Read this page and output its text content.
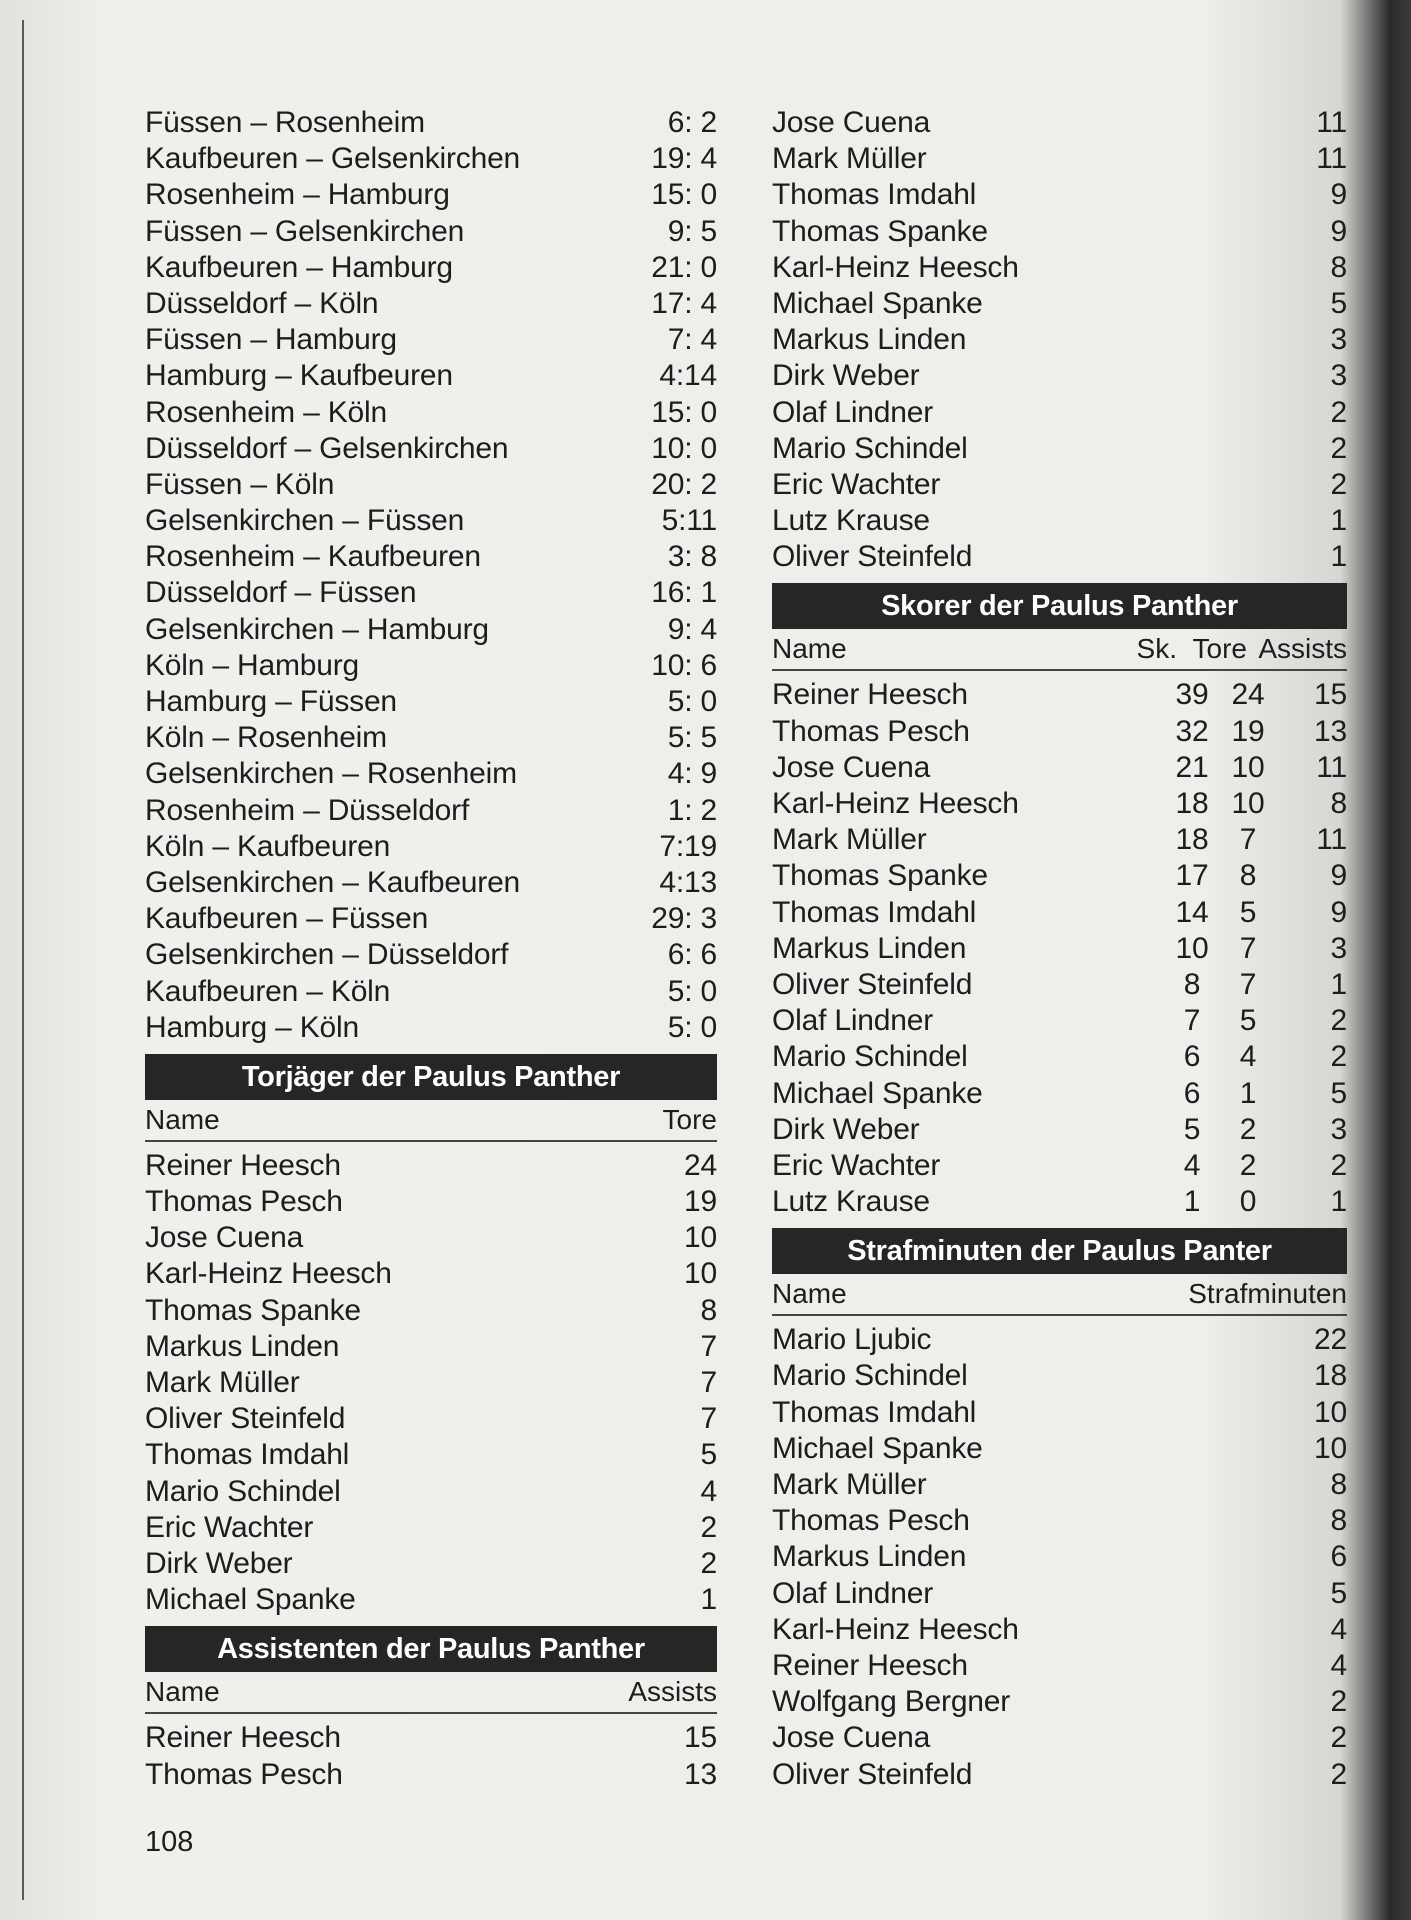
Füssen – Rosenheim	6: 2
Kaufbeuren – Gelsenkirchen	19: 4
Rosenheim – Hamburg	15: 0
Füssen – Gelsenkirchen	9: 5
Kaufbeuren – Hamburg	21: 0
Düsseldorf – Köln	17: 4
Füssen – Hamburg	7: 4
Hamburg – Kaufbeuren	4:14
Rosenheim – Köln	15: 0
Düsseldorf – Gelsenkirchen	10: 0
Füssen – Köln	20: 2
Gelsenkirchen – Füssen	5:11
Rosenheim – Kaufbeuren	3: 8
Düsseldorf – Füssen	16: 1
Gelsenkirchen – Hamburg	9: 4
Köln – Hamburg	10: 6
Hamburg – Füssen	5: 0
Köln – Rosenheim	5: 5
Gelsenkirchen – Rosenheim	4: 9
Rosenheim – Düsseldorf	1: 2
Köln – Kaufbeuren	7:19
Gelsenkirchen – Kaufbeuren	4:13
Kaufbeuren – Füssen	29: 3
Gelsenkirchen – Düsseldorf	6: 6
Kaufbeuren – Köln	5: 0
Hamburg – Köln	5: 0
Torjäger der Paulus Panther
Name	Tore
Reiner Heesch	24
Thomas Pesch	19
Jose Cuena	10
Karl-Heinz Heesch	10
Thomas Spanke	8
Markus Linden	7
Mark Müller	7
Oliver Steinfeld	7
Thomas Imdahl	5
Mario Schindel	4
Eric Wachter	2
Dirk Weber	2
Michael Spanke	1
Assistenten der Paulus Panther
Name	Assists
Reiner Heesch	15
Thomas Pesch	13
Jose Cuena	11
Mark Müller	11
Thomas Imdahl	9
Thomas Spanke	9
Karl-Heinz Heesch	8
Michael Spanke	5
Markus Linden	3
Dirk Weber	3
Olaf Lindner	2
Mario Schindel	2
Eric Wachter	2
Lutz Krause	1
Oliver Steinfeld	1
Skorer der Paulus Panther
Name	Sk. Tore Assists
Reiner Heesch	39 24	15
Thomas Pesch	32 19	13
Jose Cuena	21 10	11
Karl-Heinz Heesch	18 10	8
Mark Müller	18	7	11
Thomas Spanke	17	8	9
Thomas Imdahl	14	5	9
Markus Linden	10	7	3
Oliver Steinfeld	8	7	1
Olaf Lindner	7	5	2
Mario Schindel	6	4	2
Michael Spanke	6	1	5
Dirk Weber	5	2	3
Eric Wachter	4	2	2
Lutz Krause	1	0	1
Strafminuten der Paulus Panter
Name	Strafminuten
Mario Ljubic	22
Mario Schindel	18
Thomas Imdahl	10
Michael Spanke	10
Mark Müller	8
Thomas Pesch	8
Markus Linden	6
Olaf Lindner	5
Karl-Heinz Heesch	4
Reiner Heesch	4
Wolfgang Bergner	2
Jose Cuena	2
Oliver Steinfeld	2
108
